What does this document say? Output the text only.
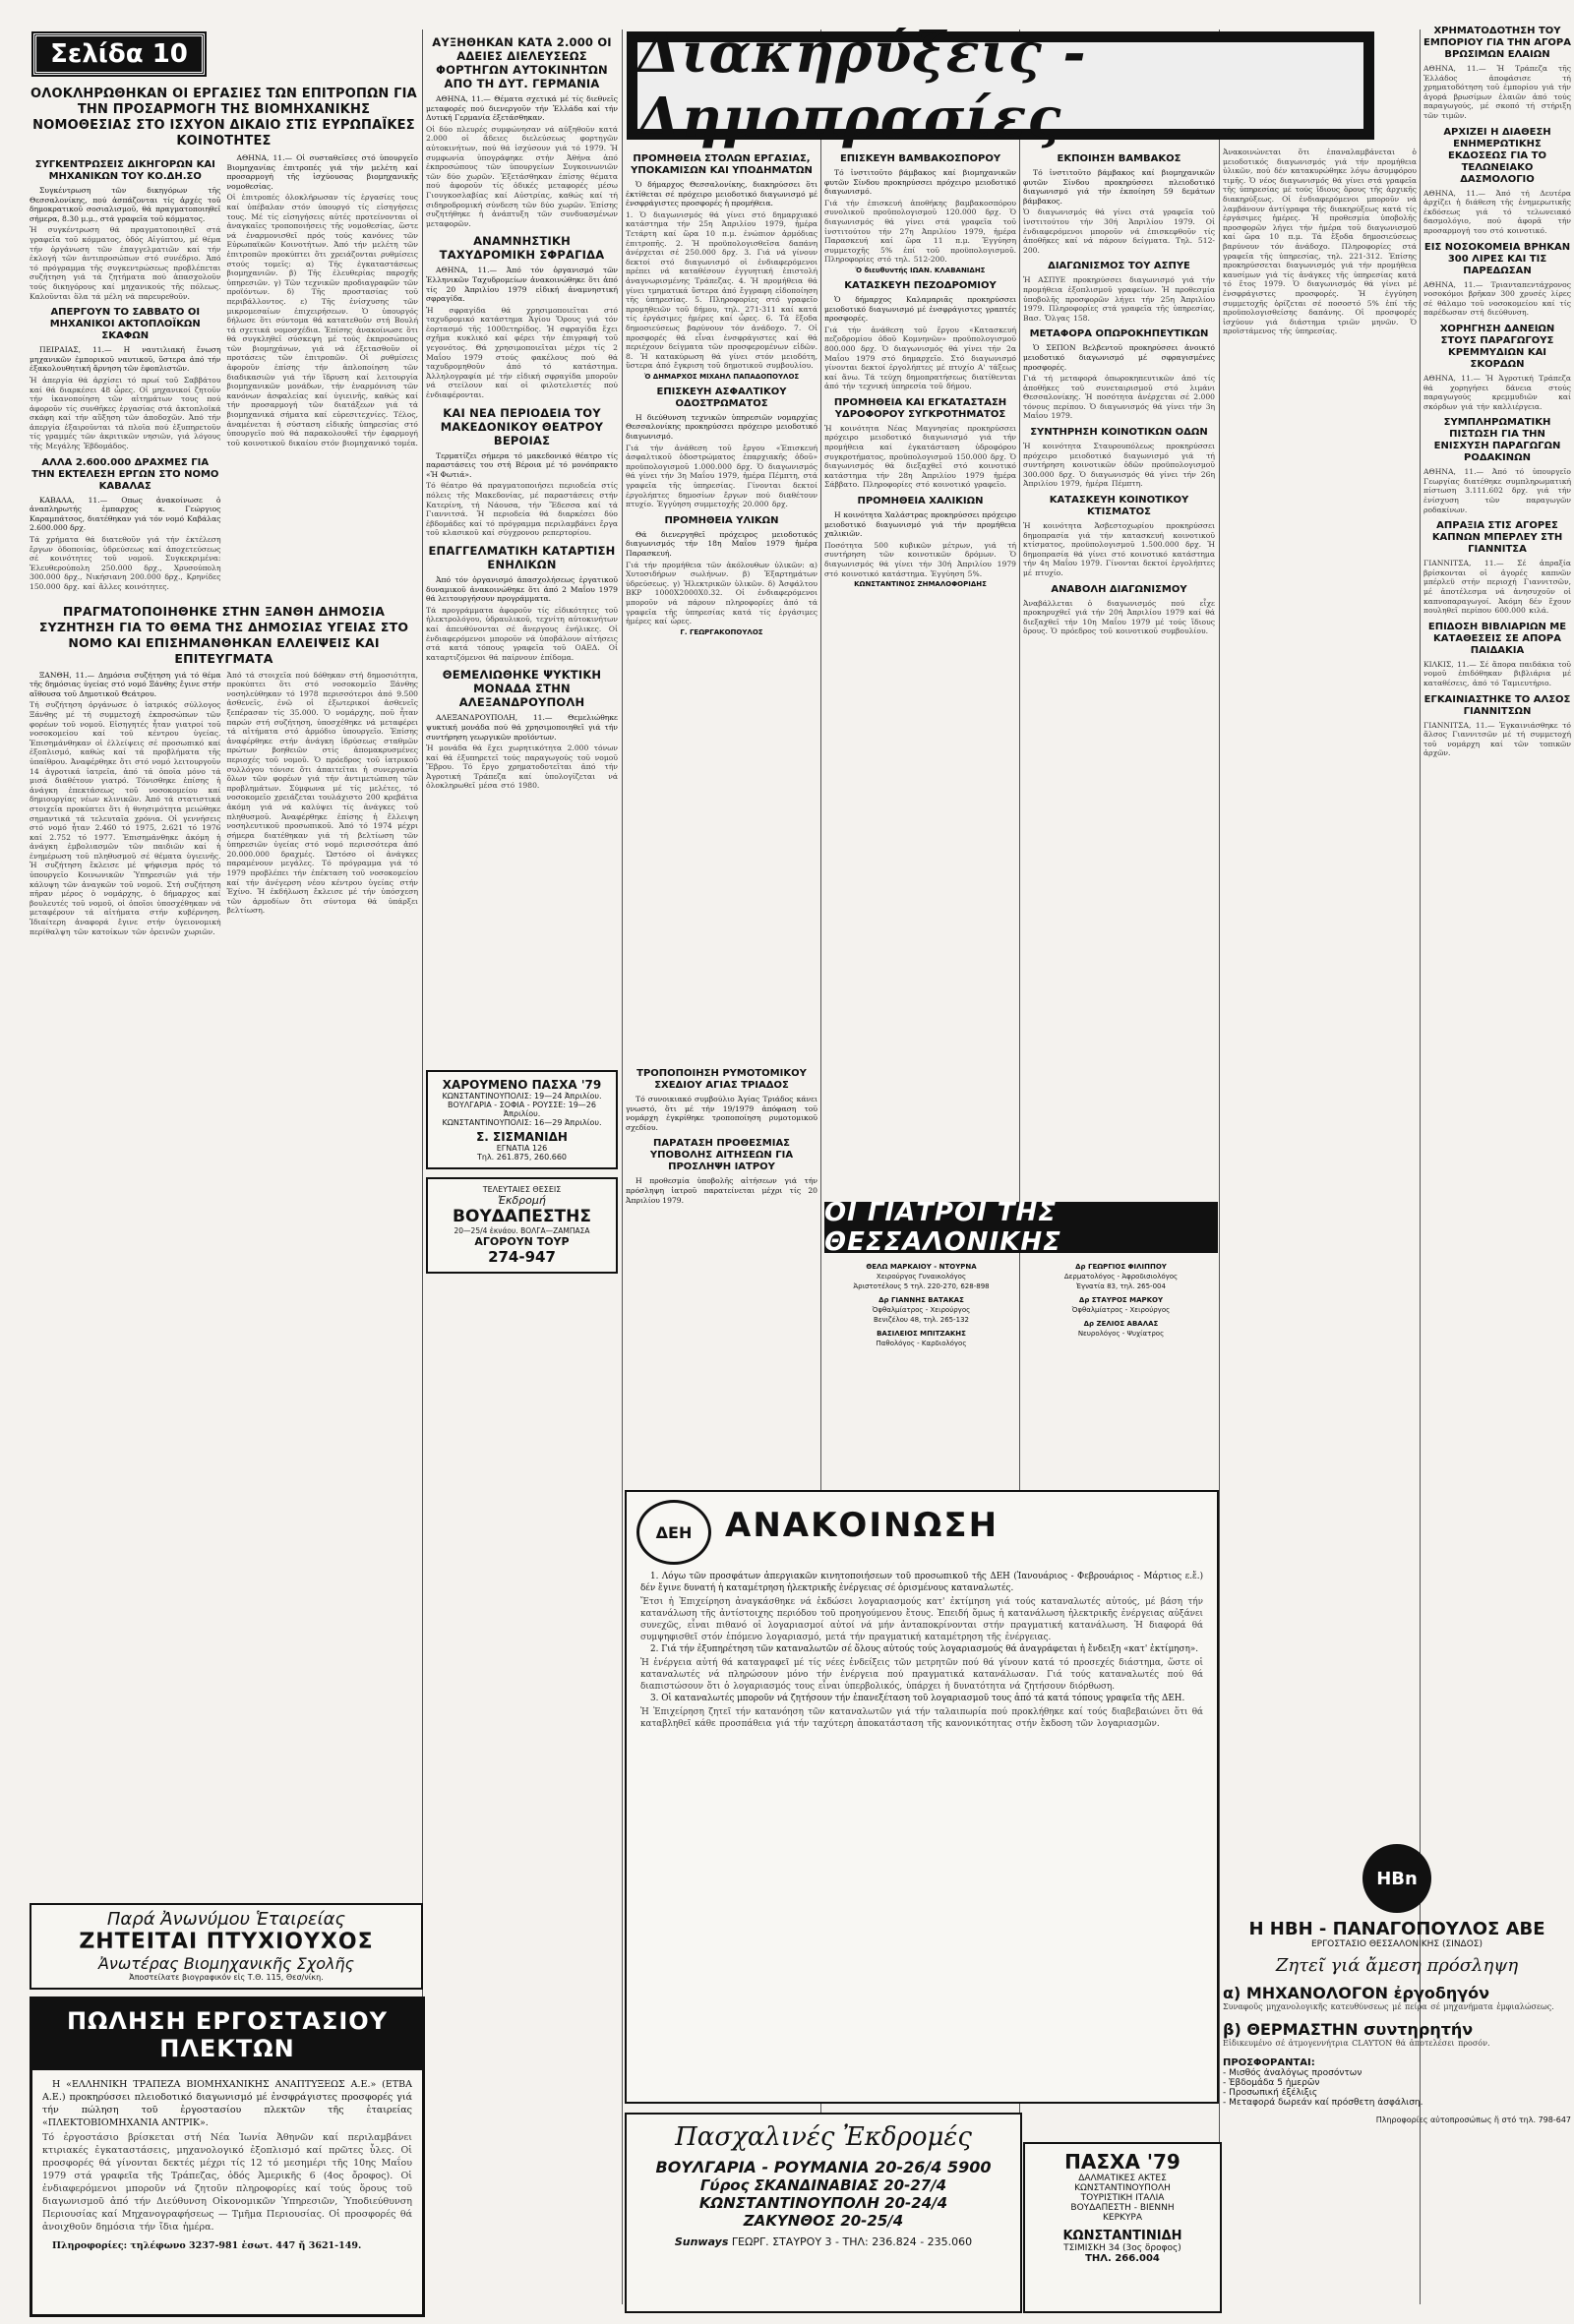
Σελίδα 10
ΟΛΟΚΛΗΡΩΘΗΚΑΝ ΟΙ ΕΡΓΑΣΙΕΣ ΤΩΝ ΕΠΙΤΡΟΠΩΝ ΓΙΑ ΤΗΝ ΠΡΟΣΑΡΜΟΓΗ ΤΗΣ ΒΙΟΜΗΧΑΝΙΚΗΣ ΝΟΜΟΘΕΣΙΑΣ ΣΤΟ ΙΣΧΥΟΝ ΔΙΚΑΙΟ ΣΤΙΣ ΕΥΡΩΠΑΪΚΕΣ ΚΟΙΝΟΤΗΤΕΣ
ΣΥΓΚΕΝΤΡΩΣΕΙΣ ΔΙΚΗΓΟΡΩΝ ΚΑΙ ΜΗΧΑΝΙΚΩΝ ΤΟΥ ΚΟ.ΔΗ.ΣΟ

Συγκέντρωση τῶν δικηγόρων τῆς Θεσσαλονίκης, πού ἀσπάζονται τίς ἀρχές τοῦ δημοκρατικοῦ σοσιαλισμοῦ, θά πραγματοποιηθεῖ σήμερα, 8.30 μ.μ., στά γραφεῖα τοῦ κόμματος.

Ἡ συγκέντρωση θά πραγματοποιηθεῖ στά γραφεῖα τοῦ κόμματος, ὁδός Αἰγύπτου, μέ θέμα τήν ὀργάνωση τῶν ἐπαγγελματιῶν καί τήν ἐκλογή τῶν ἀντιπροσώπων στό συνέδριο. Ἀπό τό πρόγραμμα τῆς συγκεντρώσεως προβλέπεται συζήτηση γιά τά ζητήματα πού ἀπασχολοῦν τούς δικηγόρους καί μηχανικούς τῆς πόλεως. Καλοῦνται ὅλα τά μέλη νά παρευρεθοῦν.
ΑΠΕΡΓΟΥΝ ΤΟ ΣΑΒΒΑΤΟ ΟΙ ΜΗΧΑΝΙΚΟΙ ΑΚΤΟΠΛΟΪΚΩΝ ΣΚΑΦΩΝ

ΠΕΙΡΑΙΑΣ, 11.— Η ναυτιλιακή ἕνωση μηχανικῶν ἐμπορικοῦ ναυτικοῦ, ὕστερα ἀπό τήν ἐξακολουθητική ἄρνηση τῶν ἐφοπλιστῶν.

Ἡ ἀπεργία θά ἀρχίσει τό πρωί τοῦ Σαββάτου καί θά διαρκέσει 48 ὧρες. Οἱ μηχανικοί ζητοῦν τήν ἱκανοποίηση τῶν αἰτημάτων τους πού ἀφοροῦν τίς συνθῆκες ἐργασίας στά ἀκτοπλοϊκά σκάφη καί τήν αὔξηση τῶν ἀποδοχῶν. Ἀπό τήν ἀπεργία ἐξαιροῦνται τά πλοῖα πού ἐξυπηρετοῦν τίς γραμμές τῶν ἀκριτικῶν νησιῶν, γιά λόγους τῆς Μεγάλης Ἑβδομάδος.
ΑΛΛΑ 2.600.000 ΔΡΑΧΜΕΣ ΓΙΑ ΤΗΝ ΕΚΤΕΛΕΣΗ ΕΡΓΩΝ ΣΤΟ ΝΟΜΟ ΚΑΒΑΛΑΣ

ΚΑΒΑΛΑ, 11.— Οπως ἀνακοίνωσε ὁ ἀναπληρωτής ἐμπαρχος κ. Γεώργιος Καραμπάτσος, διατέθηκαν γιά τόν νομό Καβάλας 2.600.000 δρχ.

Τά χρήματα θά διατεθοῦν γιά τήν ἐκτέλεση ἔργων ὁδοποιίας, ὑδρεύσεως καί ἀποχετεύσεως σέ κοινότητες τοῦ νομοῦ. Συγκεκριμένα: Ἐλευθερούπολη 250.000 δρχ., Χρυσούπολη 300.000 δρχ., Νικήσιανη 200.000 δρχ., Κρηνίδες 150.000 δρχ. καί ἄλλες κοινότητες.

ΑΘΗΝΑ, 11.— Οἱ συσταθεῖσες στό ὑπουργεῖο Βιομηχανίας ἐπιτροπές γιά τήν μελέτη καί προσαρμογή τῆς ἰσχύουσας βιομηχανικῆς νομοθεσίας.

Οἱ ἐπιτροπές ὁλοκλήρωσαν τίς ἐργασίες τους καί ὑπέβαλαν στόν ὑπουργό τίς εἰσηγήσεις τους. Μέ τίς εἰσηγήσεις αὐτές προτείνονται οἱ ἀναγκαῖες τροποποιήσεις τῆς νομοθεσίας, ὥστε νά ἐναρμονισθεῖ πρός τούς κανόνες τῶν Εὐρωπαϊκῶν Κοινοτήτων. Ἀπό τήν μελέτη τῶν ἐπιτροπῶν προκύπτει ὅτι χρειάζονται ρυθμίσεις στούς τομεῖς: α) Τῆς ἐγκαταστάσεως βιομηχανιῶν. β) Τῆς ἐλευθερίας παροχῆς ὑπηρεσιῶν. γ) Τῶν τεχνικῶν προδιαγραφῶν τῶν προϊόντων. δ) Τῆς προστασίας τοῦ περιβάλλοντος. ε) Τῆς ἐνίσχυσης τῶν μικρομεσαίων ἐπιχειρήσεων. Ὁ ὑπουργός δήλωσε ὅτι σύντομα θά κατατεθοῦν στή Βουλή τά σχετικά νομοσχέδια. Ἐπίσης ἀνακοίνωσε ὅτι θά συγκληθεῖ σύσκεψη μέ τούς ἐκπροσώπους τῶν βιομηχάνων, γιά νά ἐξετασθοῦν οἱ προτάσεις τῶν ἐπιτροπῶν. Οἱ ρυθμίσεις ἀφοροῦν ἐπίσης τήν ἀπλοποίηση τῶν διαδικασιῶν γιά τήν ἵδρυση καί λειτουργία βιομηχανικῶν μονάδων, τήν ἐναρμόνιση τῶν κανόνων ἀσφαλείας καί ὑγιεινῆς, καθώς καί τήν προσαρμογή τῶν διατάξεων γιά τά βιομηχανικά σήματα καί εὑρεσιτεχνίες. Τέλος, ἀναμένεται ἡ σύσταση εἰδικῆς ὑπηρεσίας στό ὑπουργεῖο πού θά παρακολουθεῖ τήν ἐφαρμογή τοῦ κοινοτικοῦ δικαίου στόν βιομηχανικό τομέα.
ΠΡΑΓΜΑΤΟΠΟΙΗΘΗΚΕ ΣΤΗΝ ΞΑΝΘΗ ΔΗΜΟΣΙΑ ΣΥΖΗΤΗΣΗ ΓΙΑ ΤΟ ΘΕΜΑ ΤΗΣ ΔΗΜΟΣΙΑΣ ΥΓΕΙΑΣ ΣΤΟ ΝΟΜΟ ΚΑΙ ΕΠΙΣΗΜΑΝΘΗΚΑΝ ΕΛΛΕΙΨΕΙΣ ΚΑΙ ΕΠΙΤΕΥΓΜΑΤΑ

ΞΑΝΘΗ, 11.— Δημόσια συζήτηση γιά τό θέμα τῆς δημόσιας ὑγείας στό νομό Ξάνθης ἔγινε στήν αἴθουσα τοῦ Δημοτικοῦ Θεάτρου.

Τή συζήτηση ὀργάνωσε ὁ ἰατρικός σύλλογος Ξάνθης μέ τή συμμετοχή ἐκπροσώπων τῶν φορέων τοῦ νομοῦ. Εἰσηγητές ἦταν γιατροί τοῦ νοσοκομείου καί τοῦ κέντρου ὑγείας. Ἐπισημάνθηκαν οἱ ἐλλείψεις σέ προσωπικό καί ἐξοπλισμό, καθώς καί τά προβλήματα τῆς ὑπαίθρου. Ἀναφέρθηκε ὅτι στό νομό λειτουργοῦν 14 ἀγροτικά ἰατρεῖα, ἀπό τά ὁποῖα μόνο τά μισά διαθέτουν γιατρό. Τόνισθηκε ἐπίσης ἡ ἀνάγκη ἐπεκτάσεως τοῦ νοσοκομείου καί δημιουργίας νέων κλινικῶν. Ἀπό τά στατιστικά στοιχεῖα προκύπτει ὅτι ἡ θνησιμότητα μειώθηκε σημαντικά τά τελευταῖα χρόνια. Οἱ γεννήσεις στό νομό ἦταν 2.460 τό 1975, 2.621 τό 1976 καί 2.752 τό 1977. Ἐπισημάνθηκε ἀκόμη ἡ ἀνάγκη ἐμβολιασμῶν τῶν παιδιῶν καί ἡ ἐνημέρωση τοῦ πληθυσμοῦ σέ θέματα ὑγιεινῆς. Ἡ συζήτηση ἔκλεισε μέ ψήφισμα πρός τό ὑπουργεῖο Κοινωνικῶν Ὑπηρεσιῶν γιά τήν κάλυψη τῶν ἀναγκῶν τοῦ νομοῦ. Στή συζήτηση πῆραν μέρος ὁ νομάρχης, ὁ δήμαρχος καί βουλευτές τοῦ νομοῦ, οἱ ὁποῖοι ὑποσχέθηκαν νά μεταφέρουν τά αἰτήματα στήν κυβέρνηση. Ἰδιαίτερη ἀναφορά ἔγινε στήν ὑγειονομική περίθαλψη τῶν κατοίκων τῶν ὀρεινῶν χωριῶν.
Ἀπό τά στοιχεῖα πού δόθηκαν στή δημοσιότητα, προκύπτει ὅτι στό νοσοκομεῖο Ξάνθης νοσηλεύθηκαν τό 1978 περισσότεροι ἀπό 9.500 ἀσθενεῖς, ἐνῶ οἱ ἐξωτερικοί ἀσθενεῖς ξεπέρασαν τίς 35.000. Ὁ νομάρχης, ποῦ ἦταν παρών στή συζήτηση, ὑποσχέθηκε νά μεταφέρει τά αἰτήματα στό ἁρμόδιο ὑπουργεῖο. Ἐπίσης ἀναφέρθηκε στήν ἀνάγκη ἱδρύσεως σταθμῶν πρώτων βοηθειῶν στίς ἀπομακρυσμένες περιοχές τοῦ νομοῦ. Ὁ πρόεδρος τοῦ ἰατρικοῦ συλλόγου τόνισε ὅτι ἀπαιτεῖται ἡ συνεργασία ὅλων τῶν φορέων γιά τήν ἀντιμετώπιση τῶν προβλημάτων. Σύμφωνα μέ τίς μελέτες, τό νοσοκομεῖο χρειάζεται τουλάχιστο 200 κρεβάτια ἀκόμη γιά νά καλύψει τίς ἀνάγκες τοῦ πληθυσμοῦ. Ἀναφέρθηκε ἐπίσης ἡ ἔλλειψη νοσηλευτικοῦ προσωπικοῦ. Ἀπό τό 1974 μέχρι σήμερα διατέθηκαν γιά τή βελτίωση τῶν ὑπηρεσιῶν ὑγείας στό νομό περισσότερα ἀπό 20.000.000 δραχμές. Ὡστόσο οἱ ἀνάγκες παραμένουν μεγάλες. Τό πρόγραμμα γιά τό 1979 προβλέπει τήν ἐπέκταση τοῦ νοσοκομείου καί τήν ἀνέγερση νέου κέντρου ὑγείας στήν Ἐχίνο. Ἡ ἐκδήλωση ἔκλεισε μέ τήν ὑπόσχεση τῶν ἁρμοδίων ὅτι σύντομα θά ὑπάρξει βελτίωση.
Παρά Ἀνωνύμου Ἑταιρείας
ΖΗΤΕΙΤΑΙ ΠΤΥΧΙΟΥΧΟΣ
Ἀνωτέρας Βιομηχανικῆς Σχολῆς
Ἀποστείλατε βιογραφικόν εἰς Τ.Θ. 115, Θεσ/νίκη.
ΠΩΛΗΣΗ ΕΡΓΟΣΤΑΣΙΟΥ ΠΛΕΚΤΩΝ

Η «ΕΛΛΗΝΙΚΗ ΤΡΑΠΕΖΑ ΒΙΟΜΗΧΑΝΙΚΗΣ ΑΝΑΠΤΥΞΕΩΣ Α.Ε.» (ΕΤΒΑ Α.Ε.) προκηρύσσει πλειοδοτικό διαγωνισμό μέ ἐνσφράγιστες προσφορές γιά τήν πώληση τοῦ ἐργοστασίου πλεκτῶν τῆς ἑταιρείας «ΠΛΕΚΤΟΒΙΟΜΗΧΑΝΙΑ ΑΝΤΡΙΚ».

Τό ἐργοστάσιο βρίσκεται στή Νέα Ἰωνία Ἀθηνῶν καί περιλαμβάνει κτιριακές ἐγκαταστάσεις, μηχανολογικό ἐξοπλισμό καί πρῶτες ὗλες. Οἱ προσφορές θά γίνονται δεκτές μέχρι τίς 12 τό μεσημέρι τῆς 10ης Μαΐου 1979 στά γραφεῖα τῆς Τράπεζας, ὁδός Ἀμερικῆς 6 (4ος ὄροφος). Οἱ ἐνδιαφερόμενοι μποροῦν νά ζητοῦν πληροφορίες καί τούς ὅρους τοῦ διαγωνισμοῦ ἀπό τήν Διεύθυνση Οἰκονομικῶν Ὑπηρεσιῶν, Ὑποδιεύθυνση Περιουσίας καί Μηχανογραφήσεως — Τμῆμα Περιουσίας. Οἱ προσφορές θά ἀνοιχθοῦν δημόσια τήν ἴδια ἡμέρα.

Πληροφορίες: τηλέφωνο 3237-981 ἐσωτ. 447 ἤ 3621-149.

ΑΥΞΗΘΗΚΑΝ ΚΑΤΑ 2.000 ΟΙ ΑΔΕΙΕΣ ΔΙΕΛΕΥΣΕΩΣ ΦΟΡΤΗΓΩΝ ΑΥΤΟΚΙΝΗΤΩΝ ΑΠΟ ΤΗ ΔΥΤ. ΓΕΡΜΑΝΙΑ

ΑΘΗΝΑ, 11.— Θέματα σχετικά μέ τίς διεθνεῖς μεταφορές πού διενεργοῦν τήν Ἑλλάδα καί τήν Δυτική Γερμανία ἐξετάσθηκαν.

Οἱ δύο πλευρές συμφώνησαν νά αὐξηθοῦν κατά 2.000 οἱ ἄδειες διελεύσεως φορτηγῶν αὐτοκινήτων, πού θά ἰσχύσουν γιά τό 1979. Ἡ συμφωνία ὑπογράφηκε στήν Ἀθήνα ἀπό ἐκπροσώπους τῶν ὑπουργείων Συγκοινωνιῶν τῶν δύο χωρῶν. Ἐξετάσθηκαν ἐπίσης θέματα πού ἀφοροῦν τίς ὁδικές μεταφορές μέσω Γιουγκοσλαβίας καί Αὐστρίας, καθώς καί τή σιδηροδρομική σύνδεση τῶν δύο χωρῶν. Ἐπίσης συζητήθηκε ἡ ἀνάπτυξη τῶν συνδυασμένων μεταφορῶν.
ΑΝΑΜΝΗΣΤΙΚΗ ΤΑΧΥΔΡΟΜΙΚΗ ΣΦΡΑΓΙΔΑ

ΑΘΗΝΑ, 11.— Ἀπό τόν ὀργανισμό τῶν Ἑλληνικῶν Ταχυδρομείων ἀνακοινώθηκε ὅτι ἀπό τίς 20 Ἀπριλίου 1979 εἰδική ἀναμνηστική σφραγίδα.

Ἡ σφραγίδα θά χρησιμοποιεῖται στό ταχυδρομικό κατάστημα Ἁγίου Ὄρους γιά τόν ἑορτασμό τῆς 1000ετηρίδος. Ἡ σφραγίδα ἔχει σχῆμα κυκλικό καί φέρει τήν ἐπιγραφή τοῦ γεγονότος. Θά χρησιμοποιεῖται μέχρι τίς 2 Μαΐου 1979 στούς φακέλους πού θά ταχυδρομηθοῦν ἀπό τό κατάστημα. Ἀλληλογραφία μέ τήν εἰδική σφραγίδα μποροῦν νά στείλουν καί οἱ φιλοτελιστές πού ἐνδιαφέρονται.
ΚΑΙ ΝΕΑ ΠΕΡΙΟΔΕΙΑ ΤΟΥ ΜΑΚΕΔΟΝΙΚΟΥ ΘΕΑΤΡΟΥ ΒΕΡΟΙΑΣ

Τερματίζει σήμερα τό μακεδονικό θέατρο τίς παραστάσεις του στή Βέροια μέ τό μονόπρακτο «Ἡ Φωτιά».

Τό θέατρο θά πραγματοποιήσει περιοδεία στίς πόλεις τῆς Μακεδονίας, μέ παραστάσεις στήν Κατερίνη, τή Νάουσα, τήν Ἔδεσσα καί τά Γιαννιτσά. Ἡ περιοδεία θά διαρκέσει δύο ἑβδομάδες καί τό πρόγραμμα περιλαμβάνει ἔργα τοῦ κλασικοῦ καί σύγχρονου ρεπερτορίου.
ΕΠΑΓΓΕΛΜΑΤΙΚΗ ΚΑΤΑΡΤΙΣΗ ΕΝΗΛΙΚΩΝ

Ἀπό τόν ὀργανισμό ἀπασχολήσεως ἐργατικοῦ δυναμικοῦ ἀνακοινώθηκε ὅτι ἀπό 2 Μαΐου 1979 θά λειτουργήσουν προγράμματα.

Τά προγράμματα ἀφοροῦν τίς εἰδικότητες τοῦ ἠλεκτρολόγου, ὑδραυλικοῦ, τεχνίτη αὐτοκινήτων καί ἀπευθύνονται σέ ἄνεργους ἐνήλικες. Οἱ ἐνδιαφερόμενοι μποροῦν νά ὑποβάλουν αἰτήσεις στά κατά τόπους γραφεῖα τοῦ ΟΑΕΔ. Οἱ καταρτιζόμενοι θά παίρνουν ἐπίδομα.
ΘΕΜΕΛΙΩΘΗΚΕ ΨΥΚΤΙΚΗ ΜΟΝΑΔΑ ΣΤΗΝ ΑΛΕΞΑΝΔΡΟΥΠΟΛΗ

ΑΛΕΞΑΝΔΡΟΥΠΟΛΗ, 11.— Θεμελιώθηκε ψυκτική μονάδα πού θά χρησιμοποιηθεῖ γιά τήν συντήρηση γεωργικῶν προϊόντων.

Ἡ μονάδα θά ἔχει χωρητικότητα 2.000 τόνων καί θά ἐξυπηρετεῖ τούς παραγωγούς τοῦ νομοῦ Ἕβρου. Τό ἔργο χρηματοδοτεῖται ἀπό τήν Ἀγροτική Τράπεζα καί ὑπολογίζεται νά ὁλοκληρωθεῖ μέσα στό 1980.
ΠΡΟΜΗΘΕΙΑ ΣΤΟΛΩΝ ΕΡΓΑΣΙΑΣ, ΥΠΟΚΑΜΙΣΩΝ ΚΑΙ ΥΠΟΔΗΜΑΤΩΝ

Ὁ δήμαρχος Θεσσαλονίκης, διακηρύσσει ὅτι ἐκτίθεται σέ πρόχειρο μειοδοτικό διαγωνισμό μέ ἐνσφράγιστες προσφορές ἡ προμήθεια.

1. Ὁ διαγωνισμός θά γίνει στό δημαρχιακό κατάστημα τήν 25η Ἀπριλίου 1979, ἡμέρα Τετάρτη καί ὥρα 10 π.μ. ἐνώπιον ἁρμόδιας ἐπιτροπῆς. 2. Ἡ προϋπολογισθεῖσα δαπάνη ἀνέρχεται σέ 250.000 δρχ. 3. Γιά νά γίνουν δεκτοί στό διαγωνισμό οἱ ἐνδιαφερόμενοι πρέπει νά καταθέσουν ἐγγυητική ἐπιστολή ἀναγνωρισμένης Τράπεζας. 4. Ἡ προμήθεια θά γίνει τμηματικά ὕστερα ἀπό ἔγγραφη εἰδοποίηση τῆς ὑπηρεσίας. 5. Πληροφορίες στό γραφεῖο προμηθειῶν τοῦ δήμου, τηλ. 271-311 καί κατά τίς ἐργάσιμες ἡμέρες καί ὧρες. 6. Τά ἔξοδα δημοσιεύσεως βαρύνουν τόν ἀνάδοχο. 7. Οἱ προσφορές θά εἶναι ἐνσφράγιστες καί θά περιέχουν δείγματα τῶν προσφερομένων εἰδῶν. 8. Ἡ κατακύρωση θά γίνει στόν μειοδότη, ὕστερα ἀπό ἔγκριση τοῦ δημοτικοῦ συμβουλίου.
Ὁ ΔΗΜΑΡΧΟΣ ΜΙΧΑΗΛ ΠΑΠΑΔΟΠΟΥΛΟΣ
ΕΠΙΣΚΕΥΗ ΑΣΦΑΛΤΙΚΟΥ ΟΔΟΣΤΡΩΜΑΤΟΣ

Η διεύθυνση τεχνικῶν ὑπηρεσιῶν νομαρχίας Θεσσαλονίκης προκηρύσσει πρόχειρο μειοδοτικό διαγωνισμό.

Γιά τήν ἀνάθεση τοῦ ἔργου «Ἐπισκευή ἀσφαλτικοῦ ὁδοστρώματος ἐπαρχιακῆς ὁδοῦ» προϋπολογισμοῦ 1.000.000 δρχ. Ὁ διαγωνισμός θά γίνει τήν 3η Μαΐου 1979, ἡμέρα Πέμπτη, στά γραφεῖα τῆς ὑπηρεσίας. Γίνονται δεκτοί ἐργολήπτες δημοσίων ἔργων πού διαθέτουν πτυχίο. Ἐγγύηση συμμετοχῆς 20.000 δρχ.
ΠΡΟΜΗΘΕΙΑ ΥΛΙΚΩΝ

Θά διενεργηθεῖ πρόχειρος μειοδοτικός διαγωνισμός τήν 18η Μαΐου 1979 ἡμέρα Παρασκευή.

Γιά τήν προμήθεια τῶν ἀκόλουθων ὑλικῶν: α) Χυτοσιδήρων σωλήνων. β) Ἐξαρτημάτων ὑδρεύσεως. γ) Ἠλεκτρικῶν ὑλικῶν. δ) Ἀσφάλτου ΒΚΡ 1000Χ2000Χ0.32. Οἱ ἐνδιαφερόμενοι μποροῦν νά πάρουν πληροφορίες ἀπό τά γραφεῖα τῆς ὑπηρεσίας κατά τίς ἐργάσιμες ἡμέρες καί ὧρες.
Γ. ΓΕΩΡΓΑΚΟΠΟΥΛΟΣ
ΕΠΙΣΚΕΥΗ ΒΑΜΒΑΚΟΣΠΟΡΟΥ

Τό ἰνστιτοῦτο βάμβακος καί βιομηχανικῶν φυτῶν Σίνδου προκηρύσσει πρόχειρο μειοδοτικό διαγωνισμό.

Γιά τήν ἐπισκευή ἀποθήκης βαμβακοσπόρου συνολικοῦ προϋπολογισμοῦ 120.000 δρχ. Ὁ διαγωνισμός θά γίνει στά γραφεῖα τοῦ ἰνστιτούτου τήν 27η Ἀπριλίου 1979, ἡμέρα Παρασκευή καί ὥρα 11 π.μ. Ἐγγύηση συμμετοχῆς 5% ἐπί τοῦ προϋπολογισμοῦ. Πληροφορίες στό τηλ. 512-200.
Ὁ διευθυντής ΙΩΑΝ. ΚΛΑΒΑΝΙΔΗΣ
ΚΑΤΑΣΚΕΥΗ ΠΕΖΟΔΡΟΜΙΟΥ

Ὁ δήμαρχος Καλαμαριᾶς προκηρύσσει μειοδοτικό διαγωνισμό μέ ἐνσφράγιστες γραπτές προσφορές.

Γιά τήν ἀνάθεση τοῦ ἔργου «Κατασκευή πεζοδρομίου ὁδοῦ Κομνηνῶν» προϋπολογισμοῦ 800.000 δρχ. Ὁ διαγωνισμός θά γίνει τήν 2α Μαΐου 1979 στό δημαρχεῖο. Στό διαγωνισμό γίνονται δεκτοί ἐργολήπτες μέ πτυχίο Α' τάξεως καί ἄνω. Τά τεύχη δημοπρατήσεως διατίθενται ἀπό τήν τεχνική ὑπηρεσία τοῦ δήμου.
ΠΡΟΜΗΘΕΙΑ ΚΑΙ ΕΓΚΑΤΑΣΤΑΣΗ ΥΔΡΟΦΟΡΟΥ ΣΥΓΚΡΟΤΗΜΑΤΟΣ
Ἡ κοινότητα Νέας Μαγνησίας προκηρύσσει πρόχειρο μειοδοτικό διαγωνισμό γιά τήν προμήθεια καί ἐγκατάσταση ὑδροφόρου συγκροτήματος, προϋπολογισμοῦ 150.000 δρχ. Ὁ διαγωνισμός θά διεξαχθεῖ στό κοινοτικό κατάστημα τήν 28η Ἀπριλίου 1979 ἡμέρα Σάββατο. Πληροφορίες στό κοινοτικό γραφεῖο.
ΠΡΟΜΗΘΕΙΑ ΧΑΛΙΚΙΩΝ

Η κοινότητα Χαλάστρας προκηρύσσει πρόχειρο μειοδοτικό διαγωνισμό γιά τήν προμήθεια χαλικιῶν.

Ποσότητα 500 κυβικῶν μέτρων, γιά τή συντήρηση τῶν κοινοτικῶν δρόμων. Ὁ διαγωνισμός θά γίνει τήν 30ή Ἀπριλίου 1979 στό κοινοτικό κατάστημα. Ἐγγύηση 5%.
ΚΩΝΣΤΑΝΤΙΝΟΣ ΖΗΜΑΛΟΦΟΡΙΔΗΣ
ΕΚΠΟΙΗΣΗ ΒΑΜΒΑΚΟΣ

Τό ἰνστιτοῦτο βάμβακος καί βιομηχανικῶν φυτῶν Σίνδου προκηρύσσει πλειοδοτικό διαγωνισμό γιά τήν ἐκποίηση 59 δεμάτων βάμβακος.

Ὁ διαγωνισμός θά γίνει στά γραφεῖα τοῦ ἰνστιτούτου τήν 30ή Ἀπριλίου 1979. Οἱ ἐνδιαφερόμενοι μποροῦν νά ἐπισκεφθοῦν τίς ἀποθῆκες καί νά πάρουν δείγματα. Τηλ. 512-200.
ΔΙΑΓΩΝΙΣΜΟΣ ΤΟΥ ΑΣΠΥΕ
Ἡ ΑΣΠΥΕ προκηρύσσει διαγωνισμό γιά τήν προμήθεια ἐξοπλισμοῦ γραφείων. Ἡ προθεσμία ὑποβολῆς προσφορῶν λήγει τήν 25η Ἀπριλίου 1979. Πληροφορίες στά γραφεῖα τῆς ὑπηρεσίας, Βασ. Ὄλγας 158.
ΜΕΤΑΦΟΡΑ ΟΠΩΡΟΚΗΠΕΥΤΙΚΩΝ

Ὁ ΣΕΠΟΝ Βελβεντοῦ προκηρύσσει ἀνοικτό μειοδοτικό διαγωνισμό μέ σφραγισμένες προσφορές.

Γιά τή μεταφορά ὀπωροκηπευτικῶν ἀπό τίς ἀποθῆκες τοῦ συνεταιρισμοῦ στό λιμάνι Θεσσαλονίκης. Ἡ ποσότητα ἀνέρχεται σέ 2.000 τόνους περίπου. Ὁ διαγωνισμός θά γίνει τήν 3η Μαΐου 1979.
ΣΥΝΤΗΡΗΣΗ ΚΟΙΝΟΤΙΚΩΝ ΟΔΩΝ
Ἡ κοινότητα Σταυρουπόλεως προκηρύσσει πρόχειρο μειοδοτικό διαγωνισμό γιά τή συντήρηση κοινοτικῶν ὁδῶν προϋπολογισμοῦ 300.000 δρχ. Ὁ διαγωνισμός θά γίνει τήν 26η Ἀπριλίου 1979, ἡμέρα Πέμπτη.
ΚΑΤΑΣΚΕΥΗ ΚΟΙΝΟΤΙΚΟΥ ΚΤΙΣΜΑΤΟΣ
Ἡ κοινότητα Ἀσβεστοχωρίου προκηρύσσει δημοπρασία γιά τήν κατασκευή κοινοτικοῦ κτίσματος, προϋπολογισμοῦ 1.500.000 δρχ. Ἡ δημοπρασία θά γίνει στό κοινοτικό κατάστημα τήν 4η Μαΐου 1979. Γίνονται δεκτοί ἐργολήπτες μέ πτυχίο.
ΑΝΑΒΟΛΗ ΔΙΑΓΩΝΙΣΜΟΥ
Ἀναβάλλεται ὁ διαγωνισμός πού εἶχε προκηρυχθεῖ γιά τήν 20ή Ἀπριλίου 1979 καί θά διεξαχθεῖ τήν 10η Μαΐου 1979 μέ τούς ἴδιους ὅρους. Ὁ πρόεδρος τοῦ κοινοτικοῦ συμβουλίου.
Ἀνακοινώνεται ὅτι ἐπαναλαμβάνεται ὁ μειοδοτικός διαγωνισμός γιά τήν προμήθεια ὑλικῶν, πού δέν κατακυρώθηκε λόγω ἀσυμφόρου τιμῆς. Ὁ νέος διαγωνισμός θά γίνει στά γραφεῖα τῆς ὑπηρεσίας μέ τούς ἴδιους ὅρους τῆς ἀρχικῆς διακηρύξεως. Οἱ ἐνδιαφερόμενοι μποροῦν νά λαμβάνουν ἀντίγραφα τῆς διακηρύξεως κατά τίς ἐργάσιμες ἡμέρες. Ἡ προθεσμία ὑποβολῆς προσφορῶν λήγει τήν ἡμέρα τοῦ διαγωνισμοῦ καί ὥρα 10 π.μ. Τά ἔξοδα δημοσιεύσεως βαρύνουν τόν ἀνάδοχο. Πληροφορίες στά γραφεῖα τῆς ὑπηρεσίας, τηλ. 221-312. Ἐπίσης προκηρύσσεται διαγωνισμός γιά τήν προμήθεια καυσίμων γιά τίς ἀνάγκες τῆς ὑπηρεσίας κατά τό ἔτος 1979. Ὁ διαγωνισμός θά γίνει μέ ἐνσφράγιστες προσφορές. Ἡ ἐγγύηση συμμετοχῆς ὁρίζεται σέ ποσοστό 5% ἐπί τῆς προϋπολογισθείσης δαπάνης. Οἱ προσφορές ἰσχύουν γιά διάστημα τριῶν μηνῶν. Ὁ προϊστάμενος τῆς ὑπηρεσίας.
ΧΡΗΜΑΤΟΔΟΤΗΣΗ ΤΟΥ ΕΜΠΟΡΙΟΥ ΓΙΑ ΤΗΝ ΑΓΟΡΑ ΒΡΩΣΙΜΩΝ ΕΛΑΙΩΝ
ΑΘΗΝΑ, 11.— Ἡ Τράπεζα τῆς Ἑλλάδος ἀποφάσισε τή χρηματοδότηση τοῦ ἐμπορίου γιά τήν ἀγορά βρωσίμων ἐλαιῶν ἀπό τούς παραγωγούς, μέ σκοπό τή στήριξη τῶν τιμῶν.
ΑΡΧΙΖΕΙ Η ΔΙΑΘΕΣΗ ΕΝΗΜΕΡΩΤΙΚΗΣ ΕΚΔΟΣΕΩΣ ΓΙΑ ΤΟ ΤΕΛΩΝΕΙΑΚΟ ΔΑΣΜΟΛΟΓΙΟ
ΑΘΗΝΑ, 11.— Ἀπό τή Δευτέρα ἀρχίζει ἡ διάθεση τῆς ἐνημερωτικῆς ἐκδόσεως γιά τό τελωνειακό δασμολόγιο, πού ἀφορᾶ τήν προσαρμογή του στό κοινοτικό.
ΕΙΣ ΝΟΣΟΚΟΜΕΙΑ ΒΡΗΚΑΝ 300 ΛΙΡΕΣ ΚΑΙ ΤΙΣ ΠΑΡΕΔΩΣΑΝ
ΑΘΗΝΑ, 11.— Τριανταπεντάχρονος νοσοκόμοι βρῆκαν 300 χρυσές λίρες σέ θάλαμο τοῦ νοσοκομείου καί τίς παρέδωσαν στή διεύθυνση.
ΧΟΡΗΓΗΣΗ ΔΑΝΕΙΩΝ ΣΤΟΥΣ ΠΑΡΑΓΩΓΟΥΣ ΚΡΕΜΜΥΔΙΩΝ ΚΑΙ ΣΚΟΡΔΩΝ
ΑΘΗΝΑ, 11.— Ἡ Ἀγροτική Τράπεζα θά χορηγήσει δάνεια στούς παραγωγούς κρεμμυδιῶν καί σκόρδων γιά τήν καλλιέργεια.
ΣΥΜΠΛΗΡΩΜΑΤΙΚΗ ΠΙΣΤΩΣΗ ΓΙΑ ΤΗΝ ΕΝΙΣΧΥΣΗ ΠΑΡΑΓΩΓΩΝ ΡΟΔΑΚΙΝΩΝ
ΑΘΗΝΑ, 11.— Ἀπό τό ὑπουργεῖο Γεωργίας διατέθηκε συμπληρωματική πίστωση 3.111.602 δρχ. γιά τήν ἐνίσχυση τῶν παραγωγῶν ροδακίνων.
ΑΠΡΑΞΙΑ ΣΤΙΣ ΑΓΟΡΕΣ ΚΑΠΝΩΝ ΜΠΕΡΛΕΥ ΣΤΗ ΓΙΑΝΝΙΤΣΑ
ΓΙΑΝΝΙΤΣΑ, 11.— Σέ ἀπραξία βρίσκονται οἱ ἀγορές καπνῶν μπέρλεϋ στήν περιοχή Γιαννιτσῶν, μέ ἀποτέλεσμα νά ἀνησυχοῦν οἱ καπνοπαραγωγοί. Ἀκόμη δέν ἔχουν πουληθεῖ περίπου 600.000 κιλά.
ΕΠΙΔΟΣΗ ΒΙΒΛΙΑΡΙΩΝ ΜΕ ΚΑΤΑΘΕΣΕΙΣ ΣΕ ΑΠΟΡΑ ΠΑΙΔΑΚΙΑ
ΚΙΛΚΙΣ, 11.— Σέ ἄπορα παιδάκια τοῦ νομοῦ ἐπιδόθηκαν βιβλιάρια μέ καταθέσεις, ἀπό τό Ταμιευτήριο.
ΕΓΚΑΙΝΙΑΣΤΗΚΕ ΤΟ ΑΛΣΟΣ ΓΙΑΝΝΙΤΣΩΝ
ΓΙΑΝΝΙΤΣΑ, 11.— Ἐγκαινιάσθηκε τό ἄλσος Γιαννιτσῶν μέ τή συμμετοχή τοῦ νομάρχη καί τῶν τοπικῶν ἀρχῶν.
Διακηρύξεις - Δημοπρασίες
ΤΡΟΠΟΠΟΙΗΣΗ ΡΥΜΟΤΟΜΙΚΟΥ ΣΧΕΔΙΟΥ ΑΓΙΑΣ ΤΡΙΑΔΟΣ

Τό συνοικιακό συμβούλιο Ἁγίας Τριάδος κάνει γνωστό, ὅτι μέ τήν 19/1979 ἀπόφαση τοῦ νομάρχη ἐγκρίθηκε τροποποίηση ρυμοτομικοῦ σχεδίου.

ΠΑΡΑΤΑΣΗ ΠΡΟΘΕΣΜΙΑΣ ΥΠΟΒΟΛΗΣ ΑΙΤΗΣΕΩΝ ΓΙΑ ΠΡΟΣΛΗΨΗ ΙΑΤΡΟΥ

Η προθεσμία ὑποβολῆς αἰτήσεων γιά τήν πρόσληψη ἰατροῦ παρατείνεται μέχρι τίς 20 Ἀπριλίου 1979.

ΧΑΡΟΥΜΕΝΟ ΠΑΣΧΑ '79
ΚΩΝΣΤΑΝΤΙΝΟΥΠΟΛΙΣ: 19—24 Ἀπριλίου.
ΒΟΥΛΓΑΡΙΑ - ΣΟΦΙΑ - ΡΟΥΣΣΕ: 19—26 Ἀπριλίου.
ΚΩΝΣΤΑΝΤΙΝΟΥΠΟΛΙΣ: 16—29 Ἀπριλίου.
Σ. ΣΙΣΜΑΝΙΔΗ
ΕΓΝΑΤΙΑ 126
Τηλ. 261.875, 260.660
ΤΕΛΕΥΤΑΙΕΣ ΘΕΣΕΙΣ
Ἐκδρομή
ΒΟΥΔΑΠΕΣΤΗΣ
20—25/4 ἐκνάου. ΒΟΛΓΑ—ΖΑΜΠΑΣΑ
ΑΓΟΡΟΥΝ ΤΟΥΡ
274-947
ΟΙ ΓΙΑΤΡΟΙ ΤΗΣ ΘΕΣΣΑΛΟΝΙΚΗΣ
ΘΕΛΩ ΜΑΡΚΑΙΟΥ - ΝΤΟΥΡΝΑ
Χειρούργος Γυναικολόγος
Ἀριστοτέλους 5 τηλ. 220-270, 628-898
Δρ ΓΙΑΝΝΗΣ ΒΑΤΑΚΑΣ
Ὀφθαλμίατρος - Χειρούργος
Βενιζέλου 48, τηλ. 265-132
ΒΑΣΙΛΕΙΟΣ ΜΠΙΤΖΑΚΗΣ
Παθολόγος - Καρδιολόγος
Δρ ΓΕΩΡΓΙΟΣ ΦΙΛΙΠΠΟΥ
Δερματολόγος - Ἀφροδισιολόγος
Ἐγνατία 83, τηλ. 265-004
Δρ ΣΤΑΥΡΟΣ ΜΑΡΚΟΥ
Ὀφθαλμίατρος - Χειρούργος
Δρ ΖΕΛΙΟΣ ΑΒΑΛΑΣ
Νευρολόγος - Ψυχίατρος
ΔΕΗ ΑΝΑΚΟΙΝΩΣΗ

1. Λόγω τῶν προσφάτων ἀπεργιακῶν κινητοποιήσεων τοῦ προσωπικοῦ τῆς ΔΕΗ (Ἰανουάριος - Φεβρουάριος - Μάρτιος ε.ἔ.) δέν ἔγινε δυνατή ἡ καταμέτρηση ἠλεκτρικῆς ἐνέργειας σέ ὁρισμένους καταναλωτές.

Ἔτσι ἡ Ἐπιχείρηση ἀναγκάσθηκε νά ἐκδώσει λογαριασμούς κατ' ἐκτίμηση γιά τούς καταναλωτές αὐτούς, μέ βάση τήν κατανάλωση τῆς ἀντίστοιχης περιόδου τοῦ προηγούμενου ἔτους. Ἐπειδή ὅμως ἡ κατανάλωση ἠλεκτρικῆς ἐνέργειας αὐξάνει συνεχῶς, εἶναι πιθανό οἱ λογαριασμοί αὐτοί νά μήν ἀνταποκρίνονται στήν πραγματική κατανάλωση. Ἡ διαφορά θά συμψηφισθεῖ στόν ἑπόμενο λογαριασμό, μετά τήν πραγματική καταμέτρηση τῆς ἐνέργειας.

2. Γιά τήν ἐξυπηρέτηση τῶν καταναλωτῶν σέ ὅλους αὐτούς τούς λογαριασμούς θά ἀναγράφεται ἡ ἔνδειξη «κατ' ἐκτίμηση».

Ἡ ἐνέργεια αὐτή θά καταγραφεῖ μέ τίς νέες ἐνδείξεις τῶν μετρητῶν πού θά γίνουν κατά τό προσεχές διάστημα, ὥστε οἱ καταναλωτές νά πληρώσουν μόνο τήν ἐνέργεια πού πραγματικά κατανάλωσαν. Γιά τούς καταναλωτές πού θά διαπιστώσουν ὅτι ὁ λογαριασμός τους εἶναι ὑπερβολικός, ὑπάρχει ἡ δυνατότητα νά ζητήσουν διόρθωση.

3. Οἱ καταναλωτές μποροῦν νά ζητήσουν τήν ἐπανεξέταση τοῦ λογαριασμοῦ τους ἀπό τά κατά τόπους γραφεῖα τῆς ΔΕΗ.

Ἡ Ἐπιχείρηση ζητεῖ τήν κατανόηση τῶν καταναλωτῶν γιά τήν ταλαιπωρία πού προκλήθηκε καί τούς διαβεβαιώνει ὅτι θά καταβληθεῖ κάθε προσπάθεια γιά τήν ταχύτερη ἀποκατάσταση τῆς κανονικότητας στήν ἔκδοση τῶν λογαριασμῶν.
Πασχαλινές Ἐκδρομές
ΒΟΥΛΓΑΡΙΑ - ΡΟΥΜΑΝΙΑ 20-26/4 5900
Γύρος ΣΚΑΝΔΙΝΑΒΙΑΣ 20-27/4
ΚΩΝΣΤΑΝΤΙΝΟΥΠΟΛΗ 20-24/4
ΖΑΚΥΝΘΟΣ 20-25/4
Sunways ΓΕΩΡΓ. ΣΤΑΥΡΟΥ 3 - ΤΗΛ: 236.824 - 235.060
ΠΑΣΧΑ '79
ΔΑΛΜΑΤΙΚΕΣ ΑΚΤΕΣ
ΚΩΝΣΤΑΝΤΙΝΟΥΠΟΛΗ
ΤΟΥΡΙΣΤΙΚΗ ΙΤΑΛΙΑ
ΒΟΥΔΑΠΕΣΤΗ - ΒΙΕΝΝΗ
ΚΕΡΚΥΡΑ
ΚΩΝΣΤΑΝΤΙΝΙΔΗ
ΤΣΙΜΙΣΚΗ 34 (3ος ὄροφος)
ΤΗΛ. 266.004
HBn
Η ΗΒΗ - ΠΑΝΑΓΟΠΟΥΛΟΣ ΑΒΕ
ΕΡΓΟΣΤΑΣΙΟ ΘΕΣΣΑΛΟΝΙΚΗΣ (ΣΙΝΔΟΣ)
Ζητεῖ γιά ἄμεση πρόσληψη
α) ΜΗΧΑΝΟΛΟΓΟΝ ἐργοδηγόν
Συναφοῦς μηχανολογικῆς κατευθύνσεως μέ πείρα σέ μηχανήματα ἐμφιαλώσεως.
β) ΘΕΡΜΑΣΤΗΝ συντηρητήν
Εἰδικευμένο σέ ἀτμογεννήτρια CLAYTON θά ἀποτελέσει προσόν.
ΠΡΟΣΦΟΡΑΝΤΑΙ:
- Μισθός ἀναλόγως προσόντων
- Ἑβδομάδα 5 ἡμερῶν
- Προσωπική ἐξέλιξις
- Μεταφορά δωρεάν καί πρόσθετη ἀσφάλιση.
Πληροφορίες αὐτοπροσώπως ἤ στό τηλ. 798-647
